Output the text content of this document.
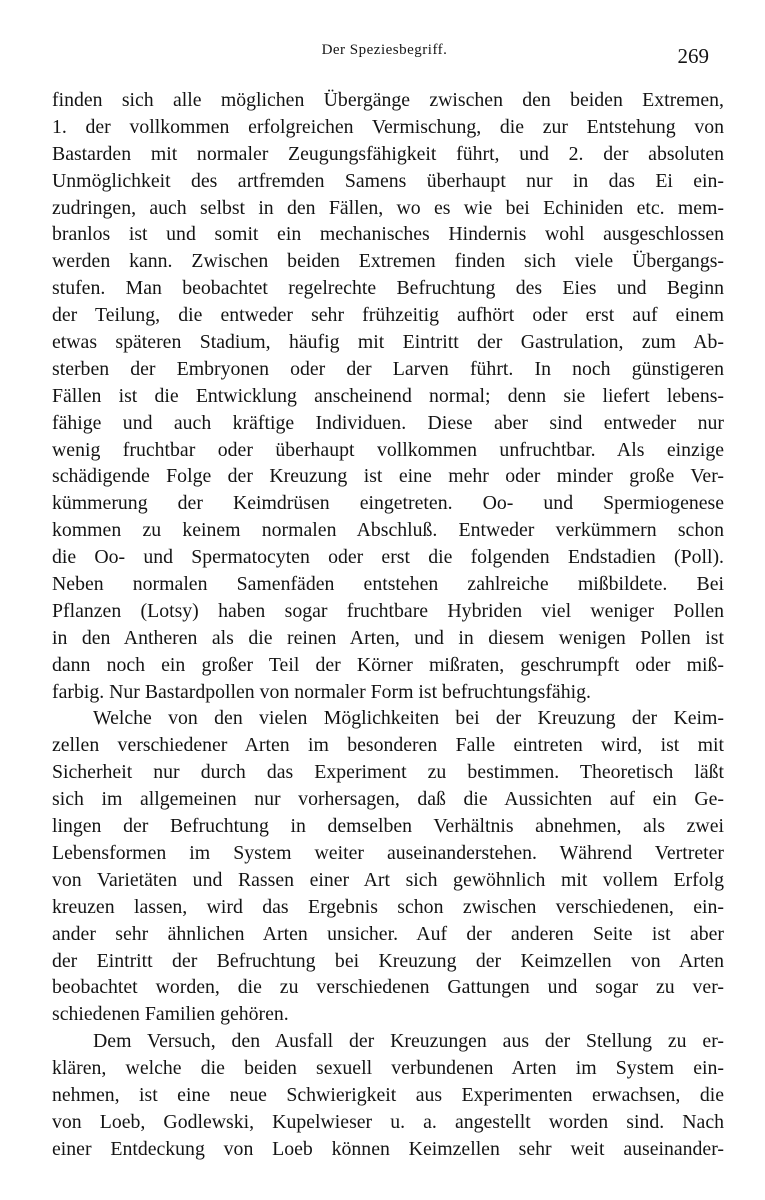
Der Speziesbegriff.	269
finden sich alle möglichen Übergänge zwischen den beiden Extremen,
1. der vollkommen erfolgreichen Vermischung, die zur Entstehung von
Bastarden mit normaler Zeugungsfähigkeit führt, und 2. der absoluten
Unmöglichkeit des artfremden Samens überhaupt nur in das Ei ein-
zudringen, auch selbst in den Fällen, wo es wie bei Echiniden etc. mem-
branlos ist und somit ein mechanisches Hindernis wohl ausgeschlossen
werden kann. Zwischen beiden Extremen finden sich viele Übergangs-
stufen. Man beobachtet regelrechte Befruchtung des Eies und Beginn
der Teilung, die entweder sehr frühzeitig aufhört oder erst auf einem
etwas späteren Stadium, häufig mit Eintritt der Gastrulation, zum Ab-
sterben der Embryonen oder der Larven führt. In noch günstigeren
Fällen ist die Entwicklung anscheinend normal; denn sie liefert lebens-
fähige und auch kräftige Individuen. Diese aber sind entweder nur
wenig fruchtbar oder überhaupt vollkommen unfruchtbar. Als einzige
schädigende Folge der Kreuzung ist eine mehr oder minder große Ver-
kümmerung der Keimdrüsen eingetreten. Oo- und Spermiogenese
kommen zu keinem normalen Abschluß. Entweder verkümmern schon
die Oo- und Spermatocyten oder erst die folgenden Endstadien (Poll).
Neben normalen Samenfäden entstehen zahlreiche mißbildete. Bei
Pflanzen (Lotsy) haben sogar fruchtbare Hybriden viel weniger Pollen
in den Antheren als die reinen Arten, und in diesem wenigen Pollen ist
dann noch ein großer Teil der Körner mißraten, geschrumpft oder miß-
farbig. Nur Bastardpollen von normaler Form ist befruchtungsfähig.
Welche von den vielen Möglichkeiten bei der Kreuzung der Keim-
zellen verschiedener Arten im besonderen Falle eintreten wird, ist mit
Sicherheit nur durch das Experiment zu bestimmen. Theoretisch läßt
sich im allgemeinen nur vorhersagen, daß die Aussichten auf ein Ge-
lingen der Befruchtung in demselben Verhältnis abnehmen, als zwei
Lebensformen im System weiter auseinanderstehen. Während Vertreter
von Varietäten und Rassen einer Art sich gewöhnlich mit vollem Erfolg
kreuzen lassen, wird das Ergebnis schon zwischen verschiedenen, ein-
ander sehr ähnlichen Arten unsicher. Auf der anderen Seite ist aber
der Eintritt der Befruchtung bei Kreuzung der Keimzellen von Arten
beobachtet worden, die zu verschiedenen Gattungen und sogar zu ver-
schiedenen Familien gehören.
Dem Versuch, den Ausfall der Kreuzungen aus der Stellung zu er-
klären, welche die beiden sexuell verbundenen Arten im System ein-
nehmen, ist eine neue Schwierigkeit aus Experimenten erwachsen, die
von Loeb, Godlewski, Kupelwieser u. a. angestellt worden sind. Nach
einer Entdeckung von Loeb können Keimzellen sehr weit auseinander-
